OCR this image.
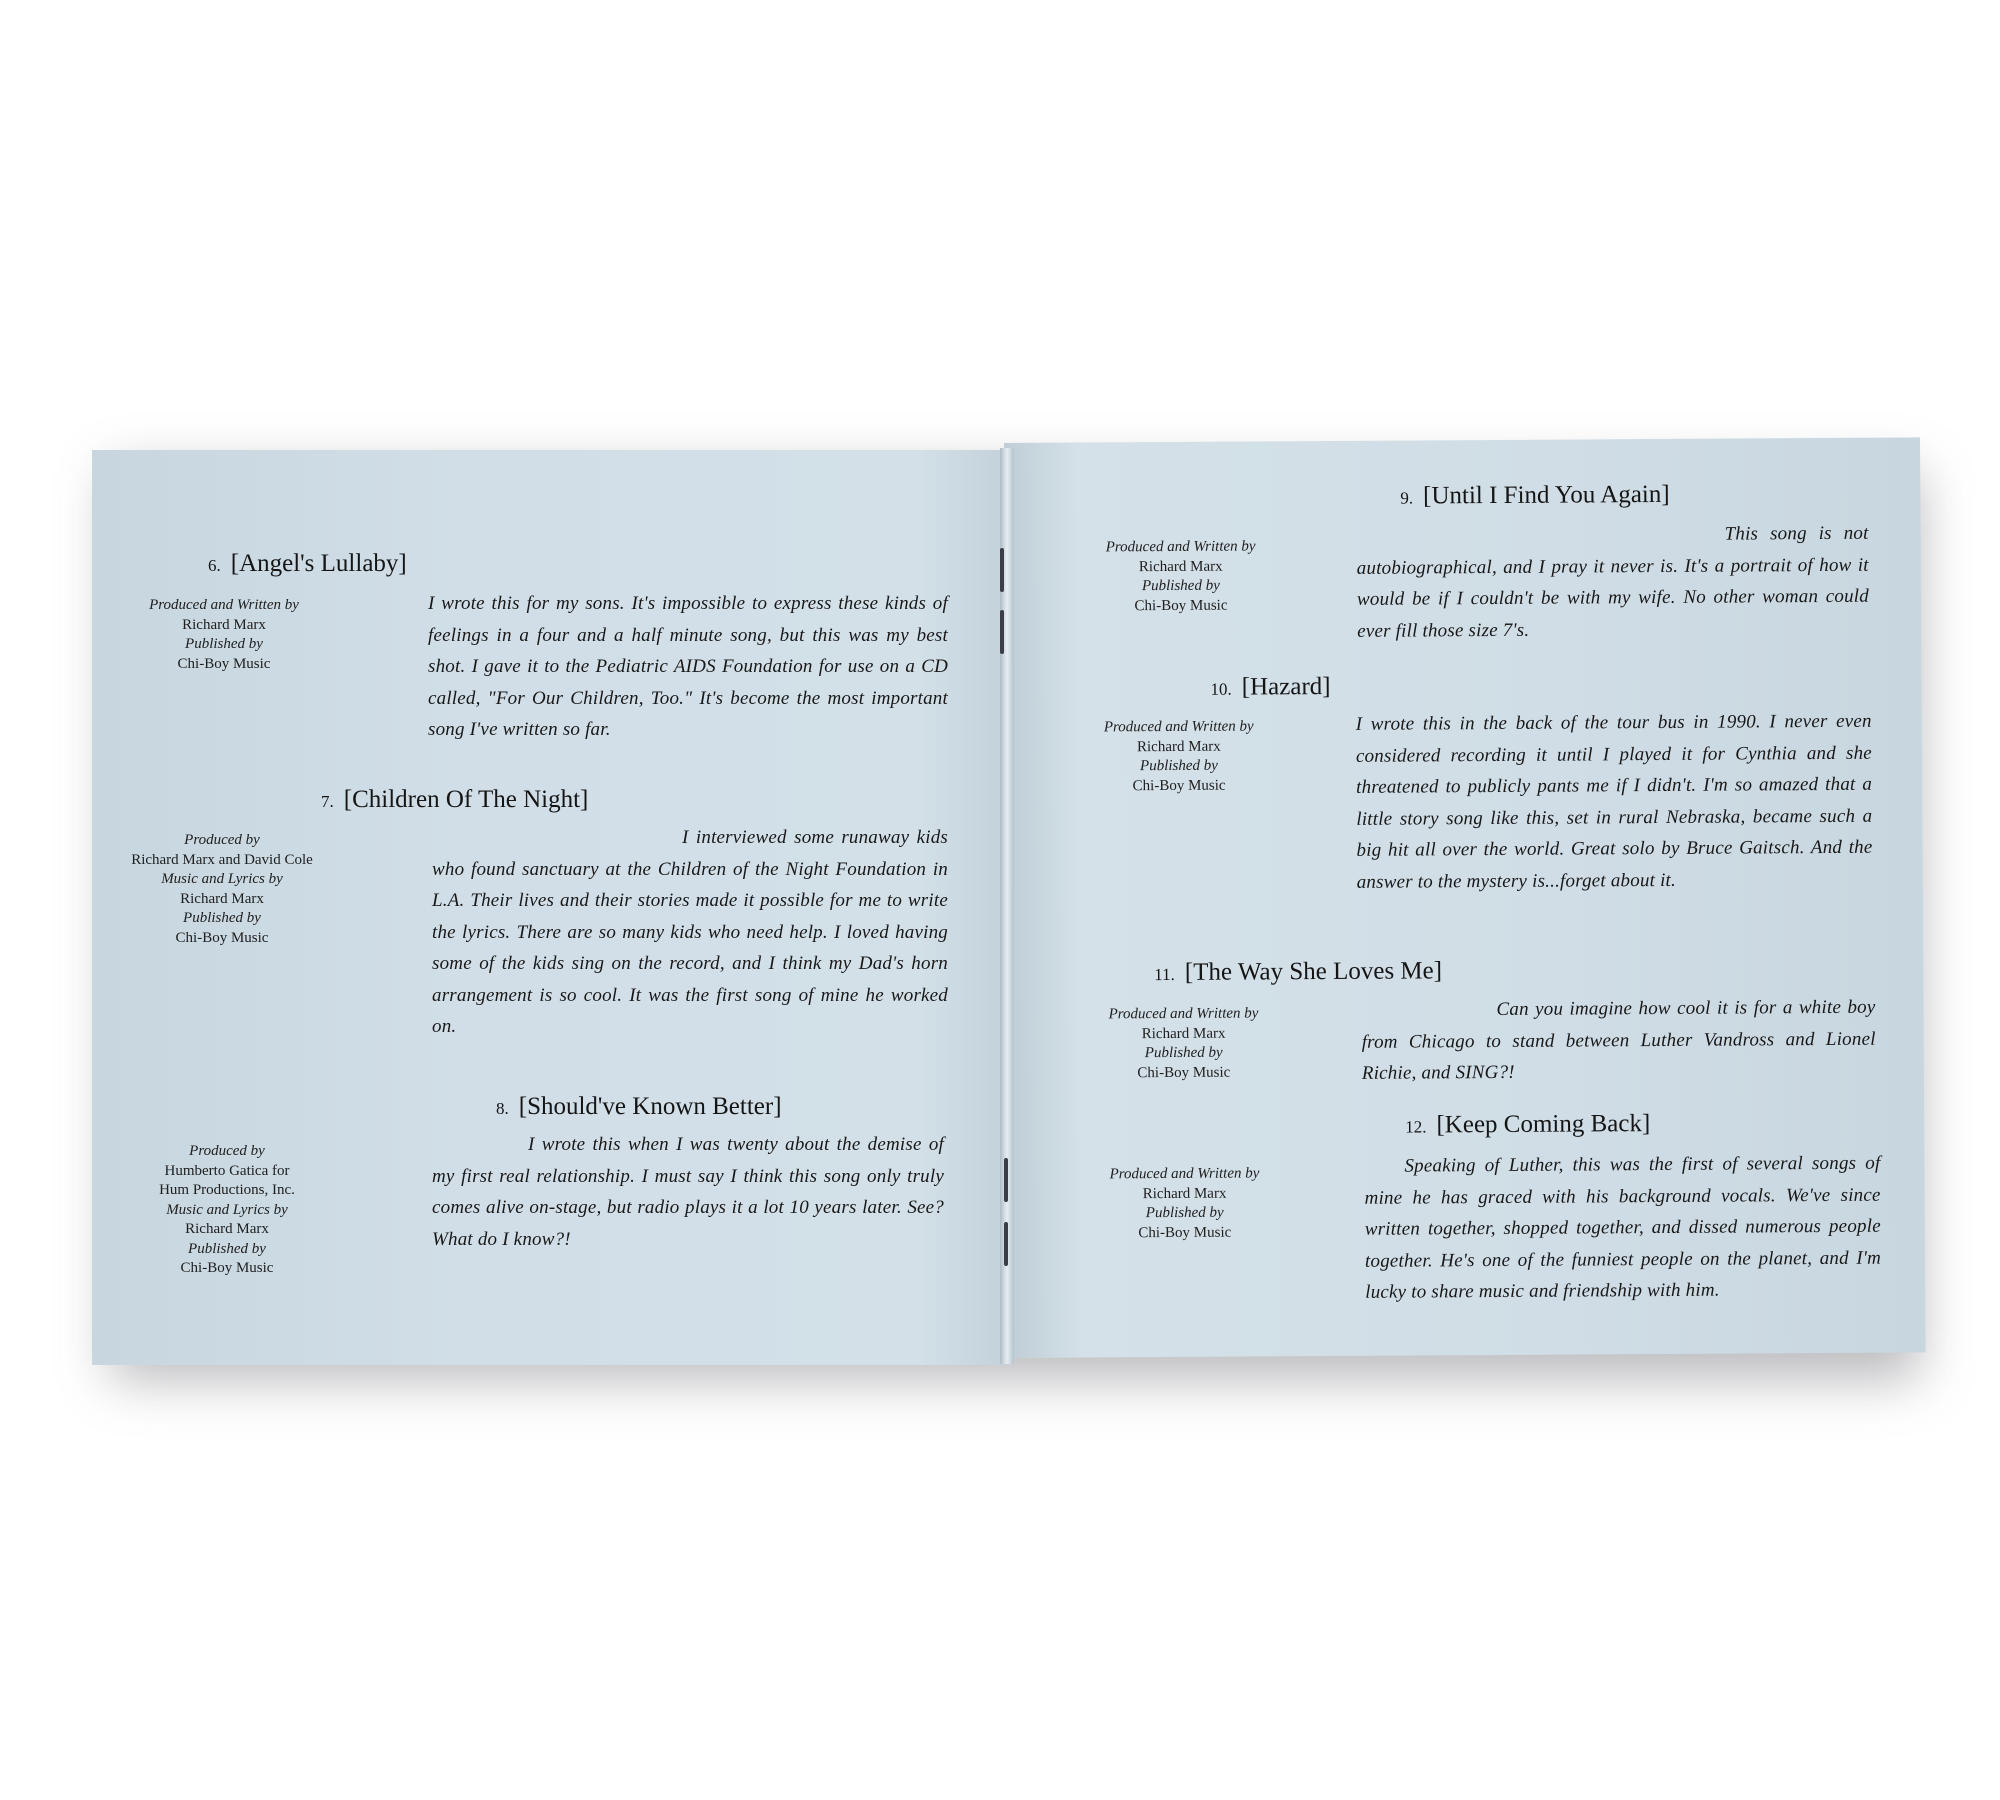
6. [Angel's Lullaby]
Produced and Written by
Richard Marx
Published by
Chi-Boy Music

I wrote this for my sons. It's impossible to express these kinds of feelings in a four and a half minute song, but this was my best shot. I gave it to the Pediatric AIDS Foundation for use on a CD called, "For Our Children, Too." It's become the most important song I've written so far.

7. [Children Of The Night]
Produced by
Richard Marx and David Cole
Music and Lyrics by
Richard Marx
Published by
Chi-Boy Music

I interviewed some runaway kids who found sanctuary at the Children of the Night Foundation in L.A. Their lives and their stories made it possible for me to write the lyrics. There are so many kids who need help. I loved having some of the kids sing on the record, and I think my Dad's horn arrangement is so cool. It was the first song of mine he worked on.

8. [Should've Known Better]
Produced by
Humberto Gatica for
Hum Productions, Inc.
Music and Lyrics by
Richard Marx
Published by
Chi-Boy Music

I wrote this when I was twenty about the demise of my first real relationship. I must say I think this song only truly comes alive on-stage, but radio plays it a lot 10 years later. See? What do I know?!

9. [Until I Find You Again]
Produced and Written by
Richard Marx
Published by
Chi-Boy Music

This song is not autobiographical, and I pray it never is. It's a portrait of how it would be if I couldn't be with my wife. No other woman could ever fill those size 7's.

10. [Hazard]
Produced and Written by
Richard Marx
Published by
Chi-Boy Music

I wrote this in the back of the tour bus in 1990. I never even considered recording it until I played it for Cynthia and she threatened to publicly pants me if I didn't. I'm so amazed that a little story song like this, set in rural Nebraska, became such a big hit all over the world. Great solo by Bruce Gaitsch. And the answer to the mystery is...forget about it.

11. [The Way She Loves Me]
Produced and Written by
Richard Marx
Published by
Chi-Boy Music

Can you imagine how cool it is for a white boy from Chicago to stand between Luther Vandross and Lionel Richie, and SING?!

12. [Keep Coming Back]
Produced and Written by
Richard Marx
Published by
Chi-Boy Music

Speaking of Luther, this was the first of several songs of mine he has graced with his background vocals. We've since written together, shopped together, and dissed numerous people together. He's one of the funniest people on the planet, and I'm lucky to share music and friendship with him.
